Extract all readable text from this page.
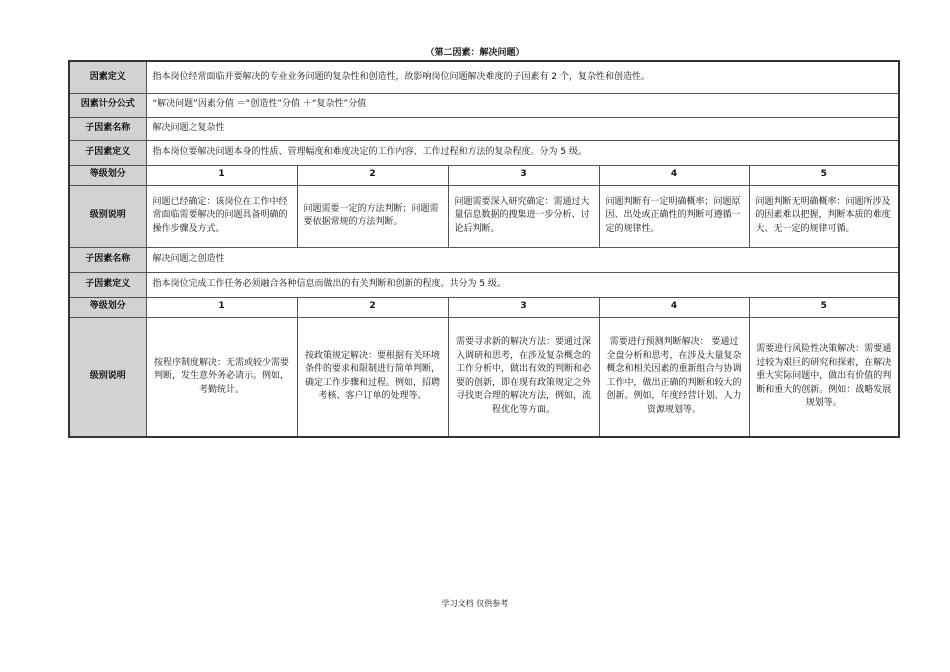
（第二因素：解决问题）
因素定义	指本岗位经常面临并要解决的专业业务问题的复杂性和创造性，故影响岗位问题解决难度的子因素有 2 个，复杂性和创造性。				
因素计分公式	“解决问题”因素分值 ＝“创造性”分值 ＋“复杂性”分值				
子因素名称	解决问题之复杂性				
子因素定义	指本岗位要解决问题本身的性质、管理幅度和难度决定的工作内容、工作过程和方法的复杂程度。分为 5 级。				
等级划分	1	2	3	4	5
级别说明	问题已经确定：该岗位在工作中经常面临需要解决的问题具备明确的操作步骤及方式。	问题需要一定的方法判断；问题需要依据常规的方法判断。	问题需要深入研究确定：需通过大量信息数据的搜集进一步分析、讨论后判断。	问题判断有一定明确概率；问题原因、出处或正确性的判断可遵循一定的规律性。	问题判断无明确概率：问题所涉及的因素难以把握，判断本质的难度大、无一定的规律可循。
子因素名称	解决问题之创造性				
子因素定义	指本岗位完成工作任务必须融合各种信息而做出的有关判断和创新的程度。共分为 5 级。				
等级划分	1	2	3	4	5
级别说明	按程序制度解决：无需或较少需要判断，发生意外务必请示。例如，考勤统计。	按政策规定解决：要根据有关环境条件的要求和限制进行简单判断，确定工作步骤和过程。例如，招聘考核、客户订单的处理等。	需要寻求新的解决方法：要通过深入调研和思考，在涉及复杂概念的工作分析中，做出有效的判断和必要的创新，即在现有政策规定之外寻找更合理的解决方法，例如，流程优化等方面。	需要进行预测判断解决： 要通过全盘分析和思考，在涉及大量复杂概念和相关因素的重新组合与协调工作中，做出正确的判断和较大的创新。例如，年度经营计划、人力资源规划等。	需要进行风险性决策解决：需要通过较为艰巨的研究和探索，在解决重大实际问题中，做出有价值的判断和重大的创新。例如：战略发展规划等。
学习文档 仅供参考
